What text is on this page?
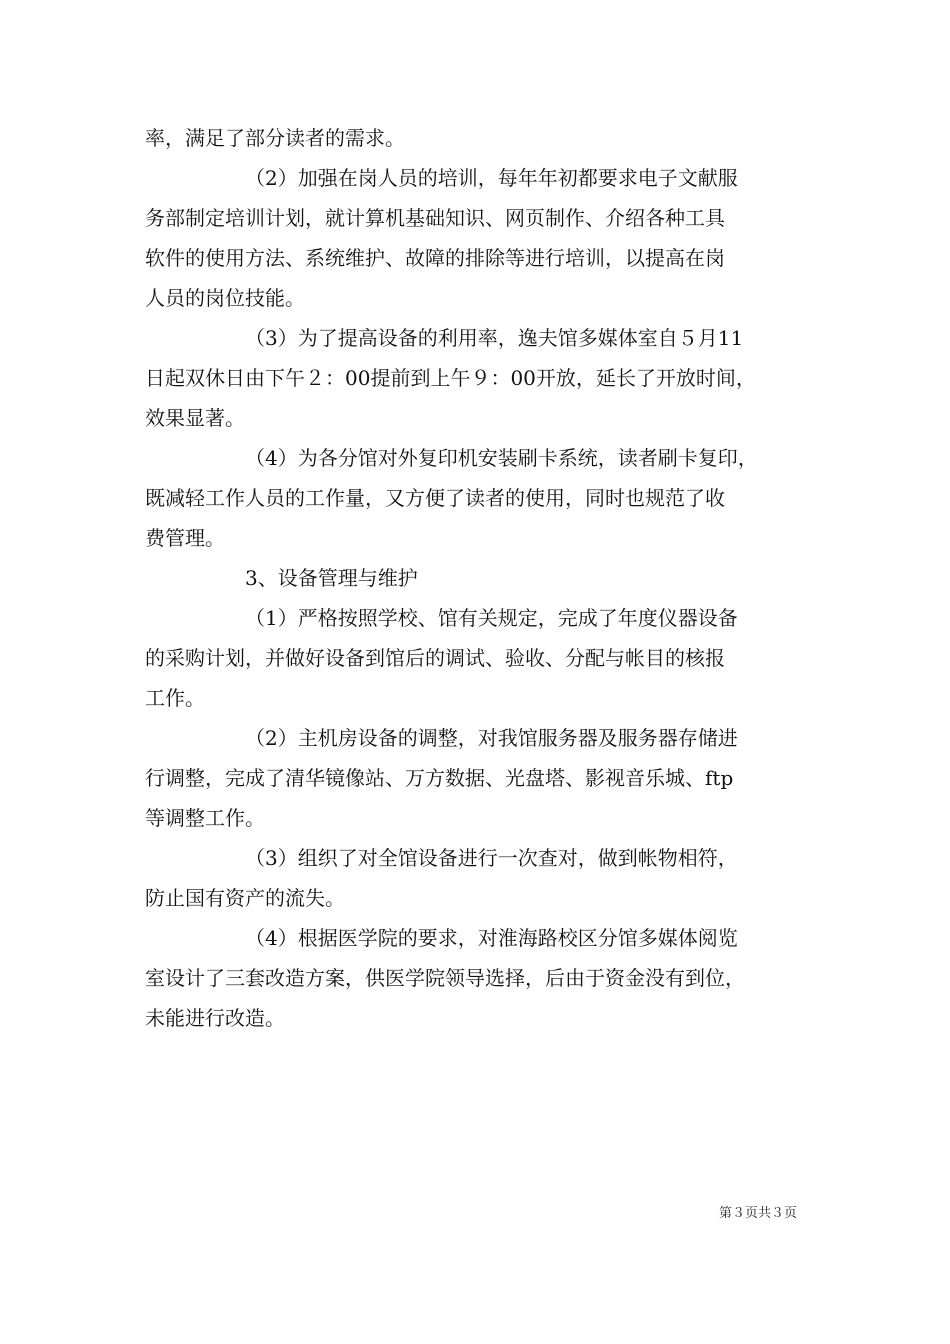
率，满足了部分读者的需求。
（2）加强在岗人员的培训，每年年初都要求电子文献服
务部制定培训计划，就计算机基础知识、网页制作、介绍各种工具
软件的使用方法、系统维护、故障的排除等进行培训，以提高在岗
人员的岗位技能。
（3）为了提高设备的利用率，逸夫馆多媒体室自５月11
日起双休日由下午２：00提前到上午９：00开放，延长了开放时间，
效果显著。
（4）为各分馆对外复印机安装刷卡系统，读者刷卡复印，
既减轻工作人员的工作量，又方便了读者的使用，同时也规范了收
费管理。
3、设备管理与维护
（1）严格按照学校、馆有关规定，完成了年度仪器设备
的采购计划，并做好设备到馆后的调试、验收、分配与帐目的核报
工作。
（2）主机房设备的调整，对我馆服务器及服务器存储进
行调整，完成了清华镜像站、万方数据、光盘塔、影视音乐城、ftp
等调整工作。
（3）组织了对全馆设备进行一次查对，做到帐物相符，
防止国有资产的流失。
（4）根据医学院的要求，对淮海路校区分馆多媒体阅览
室设计了三套改造方案，供医学院领导选择，后由于资金没有到位，
未能进行改造。
第３页共３页
